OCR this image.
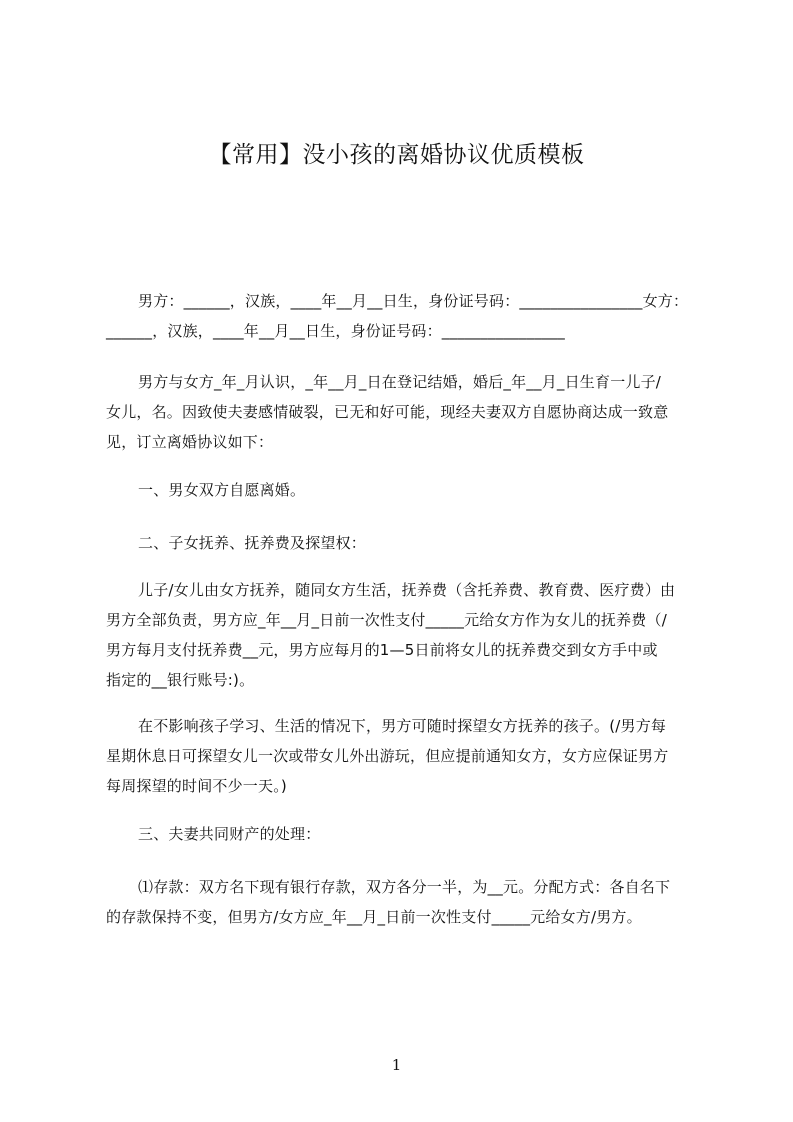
【常用】没小孩的离婚协议优质模板
男方：______，汉族，____年__月__日生，身份证号码：________________女方：
______，汉族，____年__月__日生，身份证号码：________________
男方与女方_年_月认识，_年__月_日在登记结婚，婚后_年__月_日生育一儿子/
女儿，名。因致使夫妻感情破裂，已无和好可能，现经夫妻双方自愿协商达成一致意
见，订立离婚协议如下：
一、男女双方自愿离婚。
二、子女抚养、抚养费及探望权：
儿子/女儿由女方抚养，随同女方生活，抚养费（含托养费、教育费、医疗费）由
男方全部负责，男方应_年__月_日前一次性支付_____元给女方作为女儿的抚养费（/
男方每月支付抚养费__元，男方应每月的1—5日前将女儿的抚养费交到女方手中或
指定的__银行账号:)。
在不影响孩子学习、生活的情况下，男方可随时探望女方抚养的孩子。(/男方每
星期休息日可探望女儿一次或带女儿外出游玩，但应提前通知女方，女方应保证男方
每周探望的时间不少一天。)
三、夫妻共同财产的处理：
⑴存款：双方名下现有银行存款，双方各分一半，为__元。分配方式：各自名下
的存款保持不变，但男方/女方应_年__月_日前一次性支付_____元给女方/男方。
1
